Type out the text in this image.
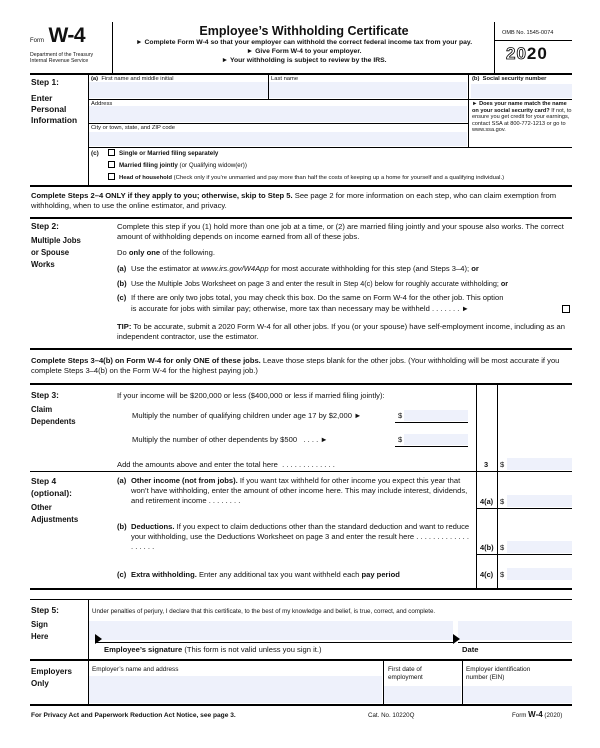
Form W-4
Department of the Treasury
Internal Revenue Service
Employee’s Withholding Certificate
► Complete Form W-4 so that your employer can withhold the correct federal income tax from your pay.
► Give Form W-4 to your employer.
► Your withholding is subject to review by the IRS.
OMB No. 1545-0074
2020
Step 1:
Enter
Personal
Information
(a) First name and middle initial	Last name	(b) Social security number
Address
City or town, state, and ZIP code
► Does your name match the name on your social security card? If not, to ensure you get credit for your earnings, contact SSA at 800-772-1213 or go to www.ssa.gov.
(c)	Single or Married filing separately
Married filing jointly (or Qualifying widow(er))
Head of household (Check only if you’re unmarried and pay more than half the costs of keeping up a home for yourself and a qualifying individual.)
Complete Steps 2–4 ONLY if they apply to you; otherwise, skip to Step 5. See page 2 for more information on each step, who can claim exemption from withholding, when to use the online estimator, and privacy.
Step 2:
Multiple Jobs
or Spouse
Works
Complete this step if you (1) hold more than one job at a time, or (2) are married filing jointly and your spouse also works. The correct amount of withholding depends on income earned from all of these jobs.
Do only one of the following.
(a) Use the estimator at www.irs.gov/W4App for most accurate withholding for this step (and Steps 3–4); or
(b) Use the Multiple Jobs Worksheet on page 3 and enter the result in Step 4(c) below for roughly accurate withholding; or
(c) If there are only two jobs total, you may check this box. Do the same on Form W-4 for the other job. This option
is accurate for jobs with similar pay; otherwise, more tax than necessary may be withheld . . . . . . . ►
TIP: To be accurate, submit a 2020 Form W-4 for all other jobs. If you (or your spouse) have self-employment income, including as an independent contractor, use the estimator.
Complete Steps 3–4(b) on Form W-4 for only ONE of these jobs. Leave those steps blank for the other jobs. (Your withholding will be most accurate if you complete Steps 3–4(b) on the Form W-4 for the highest paying job.)
Step 3:
Claim
Dependents
If your income will be $200,000 or less ($400,000 or less if married filing jointly):
Multiply the number of qualifying children under age 17 by $2,000 ►	$
Multiply the number of other dependents by $500 . . . . ►	$
Add the amounts above and enter the total here . . . . . . . . . . . . .	3 $
Step 4
(optional):
Other
Adjustments
(a) Other income (not from jobs). If you want tax withheld for other income you expect this year that won’t have withholding, enter the amount of other income here. This may include interest, dividends, and retirement income . . . . . . . .	4(a) $
(b) Deductions. If you expect to claim deductions other than the standard deduction and want to reduce your withholding, use the Deductions Worksheet on page 3 and enter the result here . . . . . . . . . . . . . . . . . . .	4(b) $
(c) Extra withholding. Enter any additional tax you want withheld each pay period	4(c) $
Step 5:
Sign
Here
Under penalties of perjury, I declare that this certificate, to the best of my knowledge and belief, is true, correct, and complete.
Employee’s signature (This form is not valid unless you sign it.)	Date
Employers
Only
Employer’s name and address	First date of
employment
Employer identification
number (EIN)
For Privacy Act and Paperwork Reduction Act Notice, see page 3.	Cat. No. 10220Q	Form W-4 (2020)
